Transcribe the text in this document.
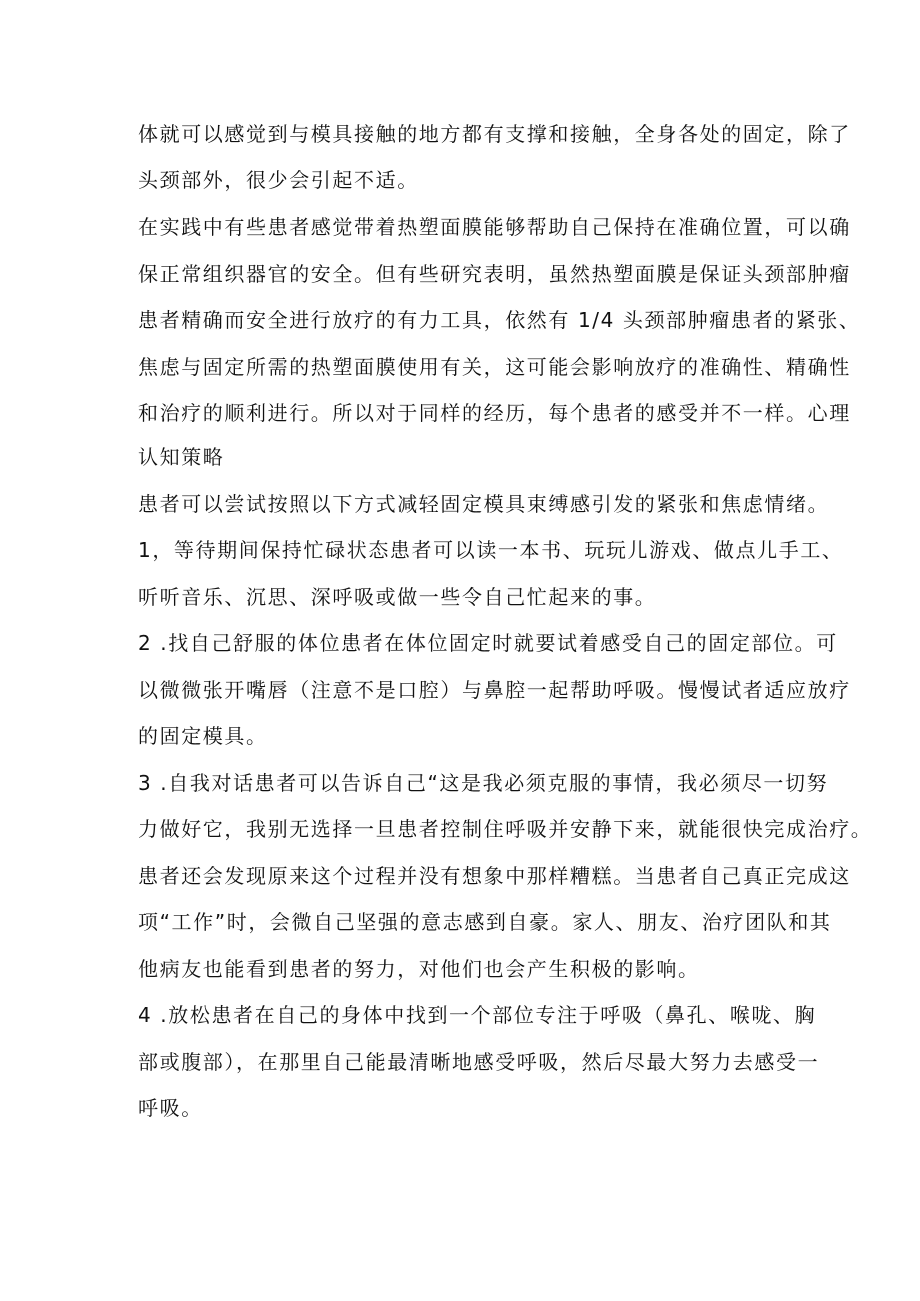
体就可以感觉到与模具接触的地方都有支撑和接触，全身各处的固定，除了

头颈部外，很少会引起不适。

在实践中有些患者感觉带着热塑面膜能够帮助自己保持在准确位置，可以确

保正常组织器官的安全。但有些研究表明，虽然热塑面膜是保证头颈部肿瘤

患者精确而安全进行放疗的有力工具，依然有 1/4 头颈部肿瘤患者的紧张、

焦虑与固定所需的热塑面膜使用有关，这可能会影响放疗的准确性、精确性

和治疗的顺利进行。所以对于同样的经历，每个患者的感受并不一样。心理

认知策略

患者可以尝试按照以下方式减轻固定模具束缚感引发的紧张和焦虑情绪。

1，等待期间保持忙碌状态患者可以读一本书、玩玩儿游戏、做点儿手工、

听听音乐、沉思、深呼吸或做一些令自己忙起来的事。

2 .找自己舒服的体位患者在体位固定时就要试着感受自己的固定部位。可

以微微张开嘴唇（注意不是口腔）与鼻腔一起帮助呼吸。慢慢试者适应放疗

的固定模具。

3 .自我对话患者可以告诉自己“这是我必须克服的事情，我必须尽一切努

力做好它，我别无选择一旦患者控制住呼吸并安静下来，就能很快完成治疗。

患者还会发现原来这个过程并没有想象中那样糟糕。当患者自己真正完成这

项“工作”时，会微自己坚强的意志感到自豪。家人、朋友、治疗团队和其

他病友也能看到患者的努力，对他们也会产生积极的影响。

4 .放松患者在自己的身体中找到一个部位专注于呼吸（鼻孔、喉咙、胸

部或腹部），在那里自己能最清晰地感受呼吸，然后尽最大努力去感受一

呼吸。
